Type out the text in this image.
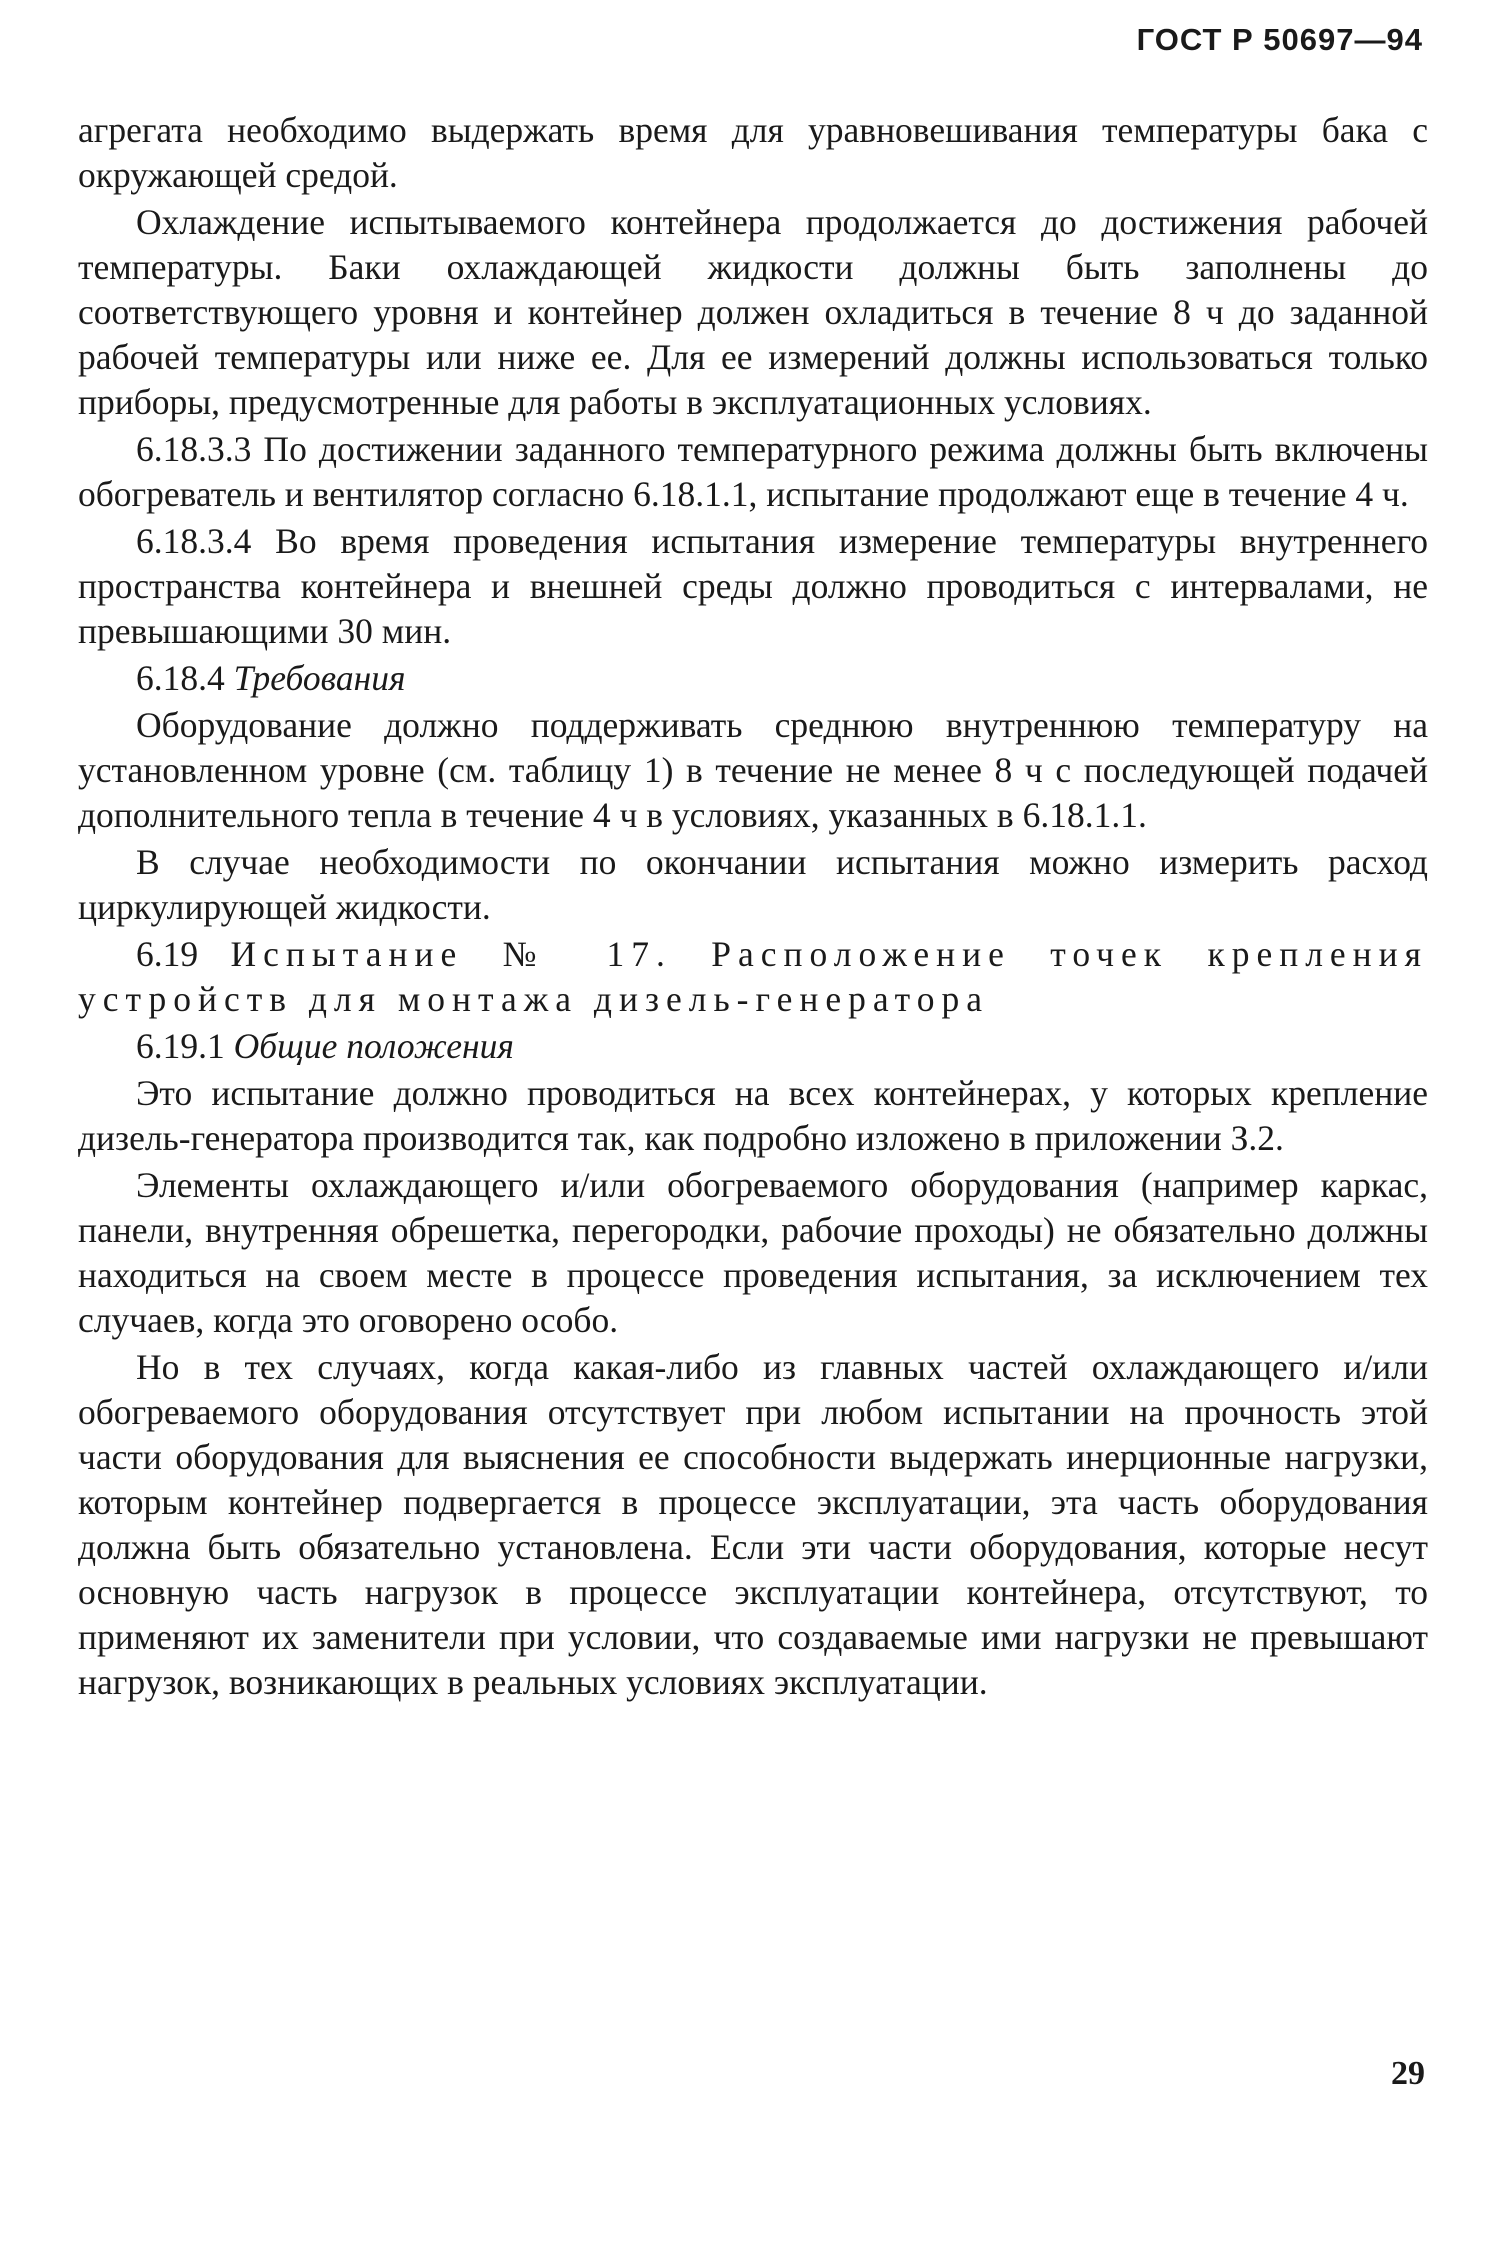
ГОСТ Р 50697—94

агрегата необходимо выдержать время для уравновешивания температуры бака с окружающей средой.

Охлаждение испытываемого контейнера продолжается до достижения рабочей температуры. Баки охлаждающей жидкости должны быть заполнены до соответствующего уровня и контейнер должен охладиться в течение 8 ч до заданной рабочей температуры или ниже ее. Для ее измерений должны использоваться только приборы, предусмотренные для работы в эксплуатационных условиях.

6.18.3.3 По достижении заданного температурного режима должны быть включены обогреватель и вентилятор согласно 6.18.1.1, испытание продолжают еще в течение 4 ч.

6.18.3.4 Во время проведения испытания измерение температуры внутреннего пространства контейнера и внешней среды должно проводиться с интервалами, не превышающими 30 мин.

6.18.4 Требования

Оборудование должно поддерживать среднюю внутреннюю температуру на установленном уровне (см. таблицу 1) в течение не менее 8 ч с последующей подачей дополнительного тепла в течение 4 ч в условиях, указанных в 6.18.1.1.

В случае необходимости по окончании испытания можно измерить расход циркулирующей жидкости.

6.19 Испытание № 17. Расположение точек крепления устройств для монтажа дизель-генератора

6.19.1 Общие положения

Это испытание должно проводиться на всех контейнерах, у которых крепление дизель-генератора производится так, как подробно изложено в приложении З.2.

Элементы охлаждающего и/или обогреваемого оборудования (например каркас, панели, внутренняя обрешетка, перегородки, рабочие проходы) не обязательно должны находиться на своем месте в процессе проведения испытания, за исключением тех случаев, когда это оговорено особо.

Но в тех случаях, когда какая-либо из главных частей охлаждающего и/или обогреваемого оборудования отсутствует при любом испытании на прочность этой части оборудования для выяснения ее способности выдержать инерционные нагрузки, которым контейнер подвергается в процессе эксплуатации, эта часть оборудования должна быть обязательно установлена. Если эти части оборудования, которые несут основную часть нагрузок в процессе эксплуатации контейнера, отсутствуют, то применяют их заменители при условии, что создаваемые ими нагрузки не превышают нагрузок, возникающих в реальных условиях эксплуатации.

29
